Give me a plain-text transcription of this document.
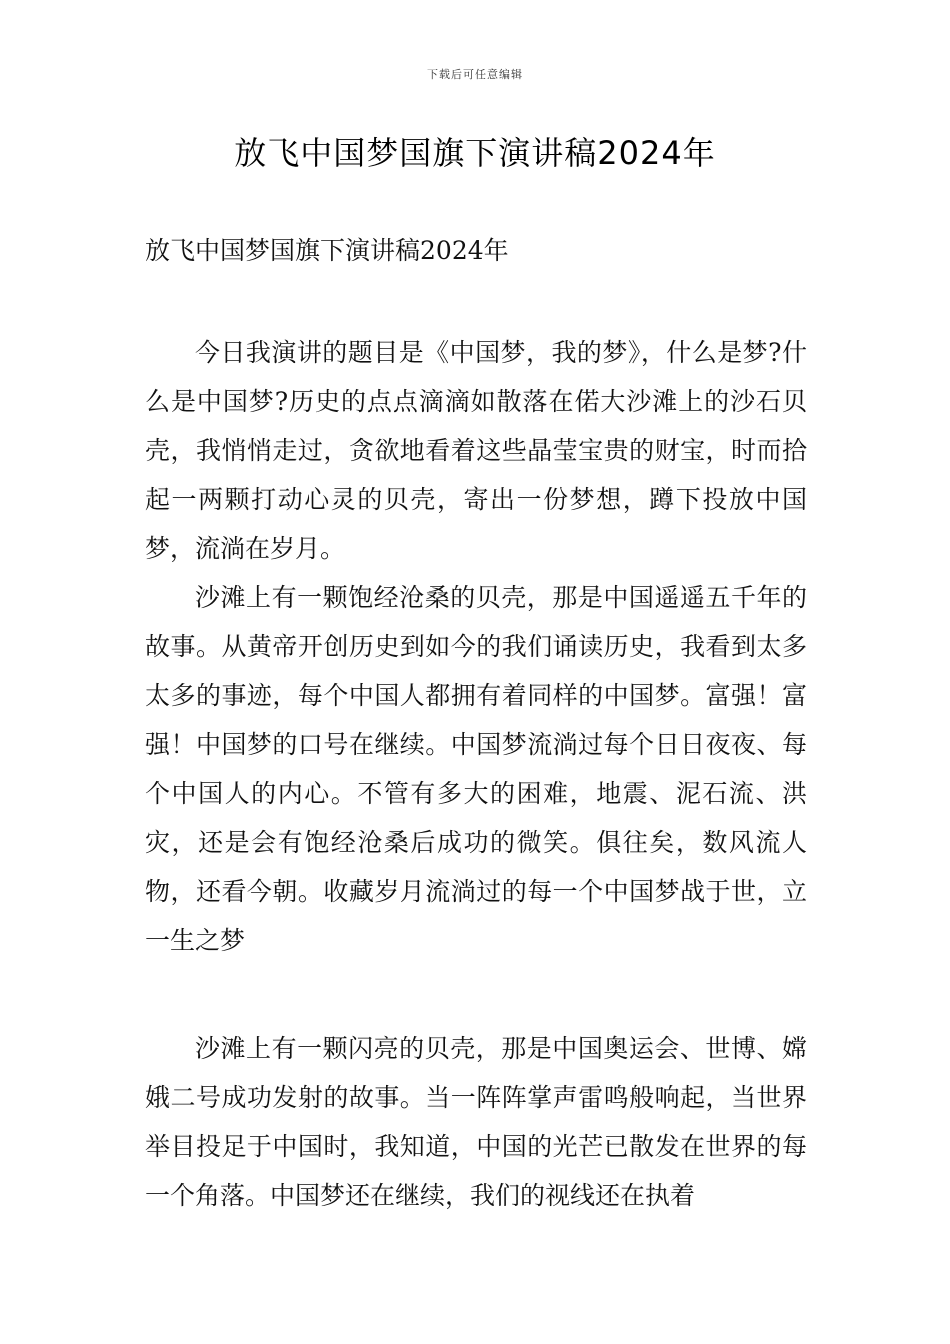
下载后可任意编辑
放飞中国梦国旗下演讲稿2024年
放飞中国梦国旗下演讲稿2024年

今日我演讲的题目是《中国梦，我的梦》，什么是梦?什么是中国梦?历史的点点滴滴如散落在偌大沙滩上的沙石贝壳，我悄悄走过，贪欲地看着这些晶莹宝贵的财宝，时而拾起一两颗打动心灵的贝壳，寄出一份梦想，蹲下投放中国梦，流淌在岁月。

沙滩上有一颗饱经沧桑的贝壳，那是中国遥遥五千年的故事。从黄帝开创历史到如今的我们诵读历史，我看到太多太多的事迹，每个中国人都拥有着同样的中国梦。富强！富强！中国梦的口号在继续。中国梦流淌过每个日日夜夜、每个中国人的内心。不管有多大的困难，地震、泥石流、洪灾，还是会有饱经沧桑后成功的微笑。俱往矣，数风流人物，还看今朝。收藏岁月流淌过的每一个中国梦战于世，立一生之梦

沙滩上有一颗闪亮的贝壳，那是中国奥运会、世博、嫦娥二号成功发射的故事。当一阵阵掌声雷鸣般响起，当世界举目投足于中国时，我知道，中国的光芒已散发在世界的每一个角落。中国梦还在继续，我们的视线还在执着
